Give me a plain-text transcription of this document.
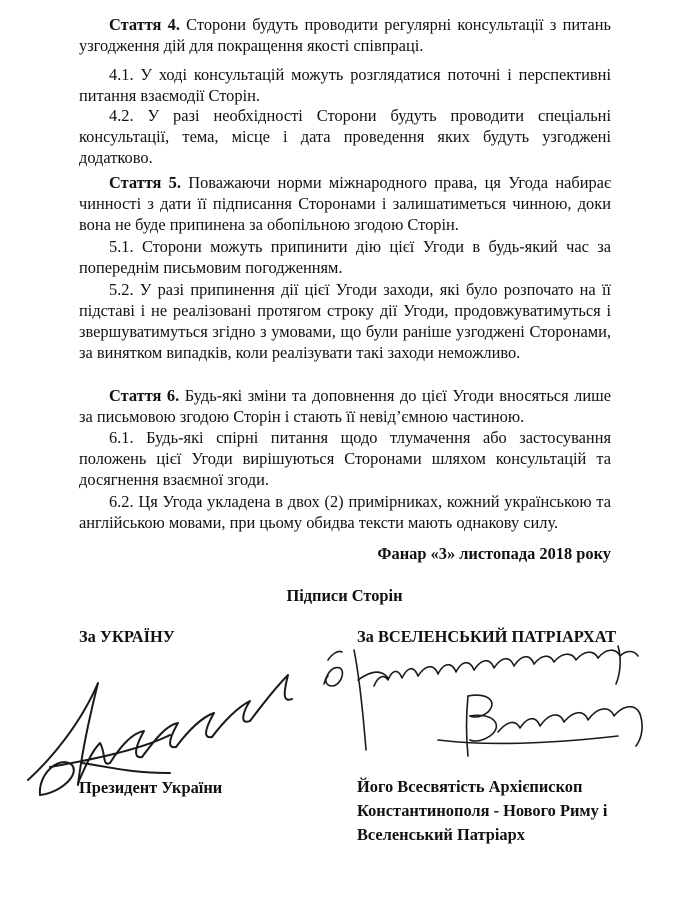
Стаття 4. Сторони будуть проводити регулярні консультації з питань узгодження дій для покращення якості співпраці.

4.1. У ході консультацій можуть розглядатися поточні і перспективні питання взаємодії Сторін.

4.2. У разі необхідності Сторони будуть проводити спеціальні консультації, тема, місце і дата проведення яких будуть узгоджені додатково.

Стаття 5. Поважаючи норми міжнародного права, ця Угода набирає чинності з дати її підписання Сторонами і залишатиметься чинною, доки вона не буде припинена за обопільною згодою Сторін.

5.1. Сторони можуть припинити дію цієї Угоди в будь-який час за попереднім письмовим погодженням.

5.2. У разі припинення дії цієї Угоди заходи, які було розпочато на її підставі і не реалізовані протягом строку дії Угоди, продовжуватимуться і звершуватимуться згідно з умовами, що були раніше узгоджені Сторонами, за винятком випадків, коли реалізувати такі заходи неможливо.

Стаття 6. Будь-які зміни та доповнення до цієї Угоди вносяться лише за письмовою згодою Сторін і стають її невід’ємною частиною.

6.1. Будь-які спірні питання щодо тлумачення або застосування положень цієї Угоди вирішуються Сторонами шляхом консультацій та досягнення взаємної згоди.

6.2. Ця Угода укладена в двох (2) примірниках, кожний українською та англійською мовами, при цьому обидва тексти мають однакову силу.

Фанар «3» листопада 2018 року

Підписи Сторін

За УКРАЇНУ	За ВСЕЛЕНСЬКИЙ ПАТРІАРХАТ

Президент України	Його Всесвятість Архієпископ

Константинополя - Нового Риму і

Вселенський Патріарх
